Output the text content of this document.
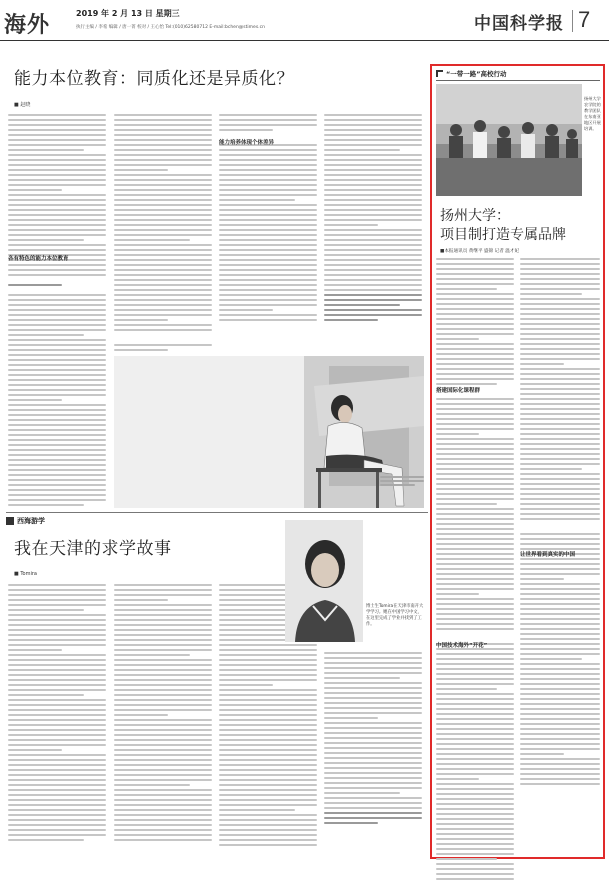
海外	2019 年 2 月 13 日 星期三
执行主编 / 李希 编辑 / 唐一菁 校对 / 王心怡 Tel:(010)62580712 E-mail:bchen@stimes.cn	中国科学报 7
能力本位教育：同质化还是异质化？
■ 赵晓
各有特色的能力本位教育
能力培养体现个体差异
西海游学
我在天津的求学故事
■ Tomira
博士生Tomira在天津市南开大学学习。她在中国学习中文，在这里完成了学业并找到了工作。
“一带一路”高校行动
扬州大学农学院的教学团队在东南亚地区开展培训。
扬州大学：
项目制打造专属品牌
■本报通讯员 黄继平 盛锦 记者 温才妃
搭建国际化课程群
中国技术海外“开花”
让世界看到真实的中国
